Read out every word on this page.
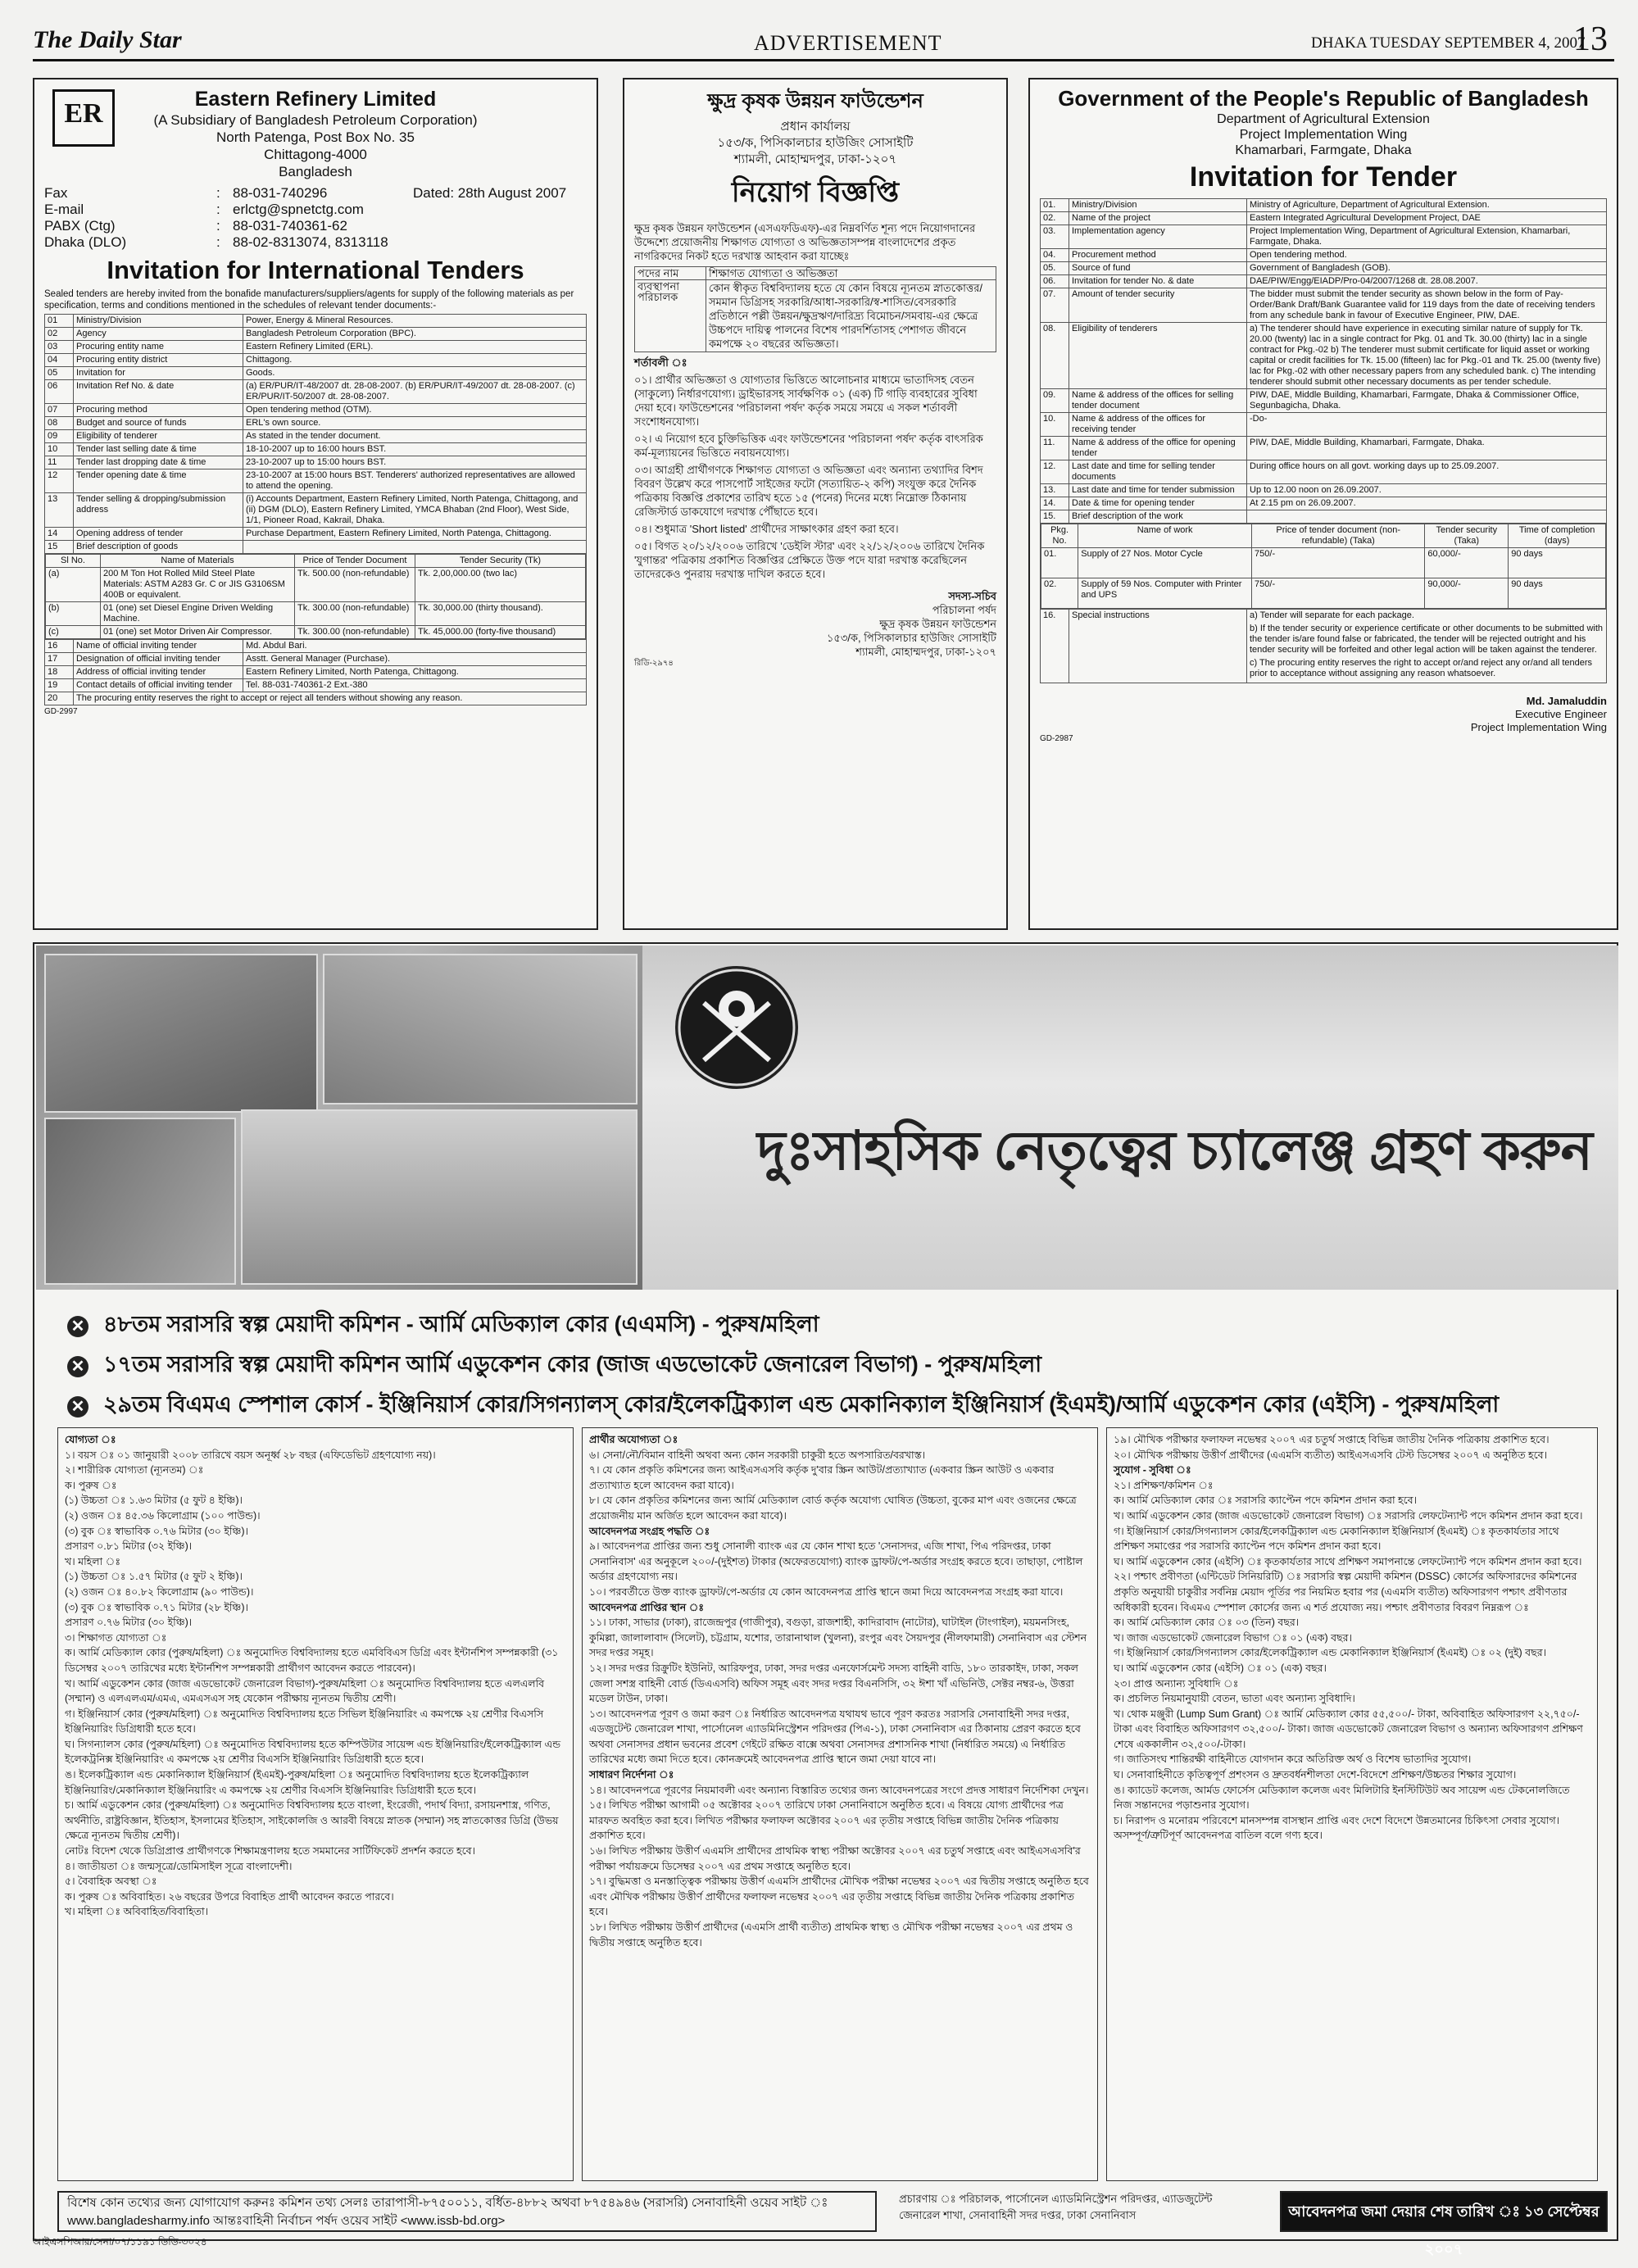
The Daily Star	ADVERTISEMENT	DHAKA TUESDAY SEPTEMBER 4, 2007
13
ER	Eastern Refinery Limited
(A Subsidiary of Bangladesh Petroleum Corporation)
North Patenga, Post Box No. 35
Chittagong-4000
Bangladesh
Fax	: 88-031-740296	Dated: 28th August 2007
E-mail	: erlctg@spnetctg.com
PABX (Ctg)	: 88-031-740361-62
Dhaka (DLO)	: 88-02-8313074, 8313118
Invitation for International Tenders
Sealed tenders are hereby invited from the bonafide manufacturers/suppliers/agents for supply of the following materials as per specification, terms and conditions mentioned in the schedules of relevant tender documents:-
01	Ministry/Division	Power, Energy & Mineral Resources.
02	Agency	Bangladesh Petroleum Corporation (BPC).
03	Procuring entity name	Eastern Refinery Limited (ERL).
04	Procuring entity district	Chittagong.
05	Invitation for	Goods.
06	Invitation Ref No. & date	(a) ER/PUR/IT-48/2007 dt. 28-08-2007. (b) ER/PUR/IT-49/2007 dt. 28-08-2007. (c) ER/PUR/IT-50/2007 dt. 28-08-2007.
07	Procuring method	Open tendering method (OTM).
08	Budget and source of funds	ERL's own source.
09	Eligibility of tenderer	As stated in the tender document.
10	Tender last selling date & time	18-10-2007 up to 16:00 hours BST.
11	Tender last dropping date & time	23-10-2007 up to 15:00 hours BST.
12	Tender opening date & time	23-10-2007 at 15:00 hours BST. Tenderers' authorized representatives are allowed to attend the opening.
13	Tender selling & dropping/submission address	(i) Accounts Department, Eastern Refinery Limited, North Patenga, Chittagong, and (ii) DGM (DLO), Eastern Refinery Limited, YMCA Bhaban (2nd Floor), West Side, 1/1, Pioneer Road, Kakrail, Dhaka.
14	Opening address of tender	Purchase Department, Eastern Refinery Limited, North Patenga, Chittagong.
15	Brief description of goods	

Sl No.	Name of Materials	Price of Tender Document	Tender Security (Tk)
(a)	200 M Ton Hot Rolled Mild Steel Plate Materials: ASTM A283 Gr. C or JIS G3106SM 400B or equivalent.	Tk. 500.00 (non-refundable)	Tk. 2,00,000.00 (two lac)
(b)	01 (one) set Diesel Engine Driven Welding Machine.	Tk. 300.00 (non-refundable)	Tk. 30,000.00 (thirty thousand).
(c)	01 (one) set Motor Driven Air Compressor.	Tk. 300.00 (non-refundable)	Tk. 45,000.00 (forty-five thousand)

16	Name of official inviting tender	Md. Abdul Bari.
17	Designation of official inviting tender	Asstt. General Manager (Purchase).
18	Address of official inviting tender	Eastern Refinery Limited, North Patenga, Chittagong.
19	Contact details of official inviting tender	Tel. 88-031-740361-2 Ext.-380
20	The procuring entity reserves the right to accept or reject all tenders without showing any reason.
GD-2997
ক্ষুদ্র কৃষক উন্নয়ন ফাউন্ডেশন
প্রধান কার্যালয়
১৫৩/ক, পিসিকালচার হাউজিং সোসাইটি
শ্যামলী, মোহাম্মদপুর, ঢাকা-১২০৭
নিয়োগ বিজ্ঞপ্তি

ক্ষুদ্র কৃষক উন্নয়ন ফাউন্ডেশন (এসএফডিএফ)-এর নিম্নবর্ণিত শূন্য পদে নিয়োগদানের উদ্দেশ্যে প্রয়োজনীয় শিক্ষাগত যোগ্যতা ও অভিজ্ঞতাসম্পন্ন বাংলাদেশের প্রকৃত নাগরিকদের নিকট হতে দরখাস্ত আহবান করা যাচ্ছেঃ

পদের নাম	শিক্ষাগত যোগ্যতা ও অভিজ্ঞতা
ব্যবস্থাপনা পরিচালক	কোন স্বীকৃত বিশ্ববিদ্যালয় হতে যে কোন বিষয়ে ন্যূনতম স্নাতকোত্তর/সমমান ডিগ্রিসহ সরকারি/আধা-সরকারি/স্ব-শাসিত/বেসরকারি প্রতিষ্ঠানে পল্লী উন্নয়ন/ক্ষুদ্রঋণ/দারিদ্র্য বিমোচন/সমবায়-এর ক্ষেত্রে উচ্চপদে দায়িত্ব পালনের বিশেষ পারদর্শিতাসহ পেশাগত জীবনে কমপক্ষে ২০ বছরের অভিজ্ঞতা।

শর্তাবলী ঃ

০১। প্রার্থীর অভিজ্ঞতা ও যোগ্যতার ভিত্তিতে আলোচনার মাধ্যমে ভাতাদিসহ বেতন (সাকুল্যে) নির্ধারণযোগ্য। ড্রাইভারসহ সার্বক্ষণিক ০১ (এক) টি গাড়ি ব্যবহারের সুবিধা দেয়া হবে। ফাউন্ডেশনের 'পরিচালনা পর্ষদ' কর্তৃক সময়ে সময়ে এ সকল শর্তাবলী সংশোধনযোগ্য।

০২। এ নিয়োগ হবে চুক্তিভিত্তিক এবং ফাউন্ডেশনের 'পরিচালনা পর্ষদ' কর্তৃক বাৎসরিক কর্ম-মূল্যায়নের ভিত্তিতে নবায়নযোগ্য।

০৩। আগ্রহী প্রার্থীগণকে শিক্ষাগত যোগ্যতা ও অভিজ্ঞতা এবং অন্যান্য তথ্যাদির বিশদ বিবরণ উল্লেখ করে পাসপোর্ট সাইজের ফটো (সত্যায়িত-২ কপি) সংযুক্ত করে দৈনিক পত্রিকায় বিজ্ঞপ্তি প্রকাশের তারিখ হতে ১৫ (পনের) দিনের মধ্যে নিম্নোক্ত ঠিকানায় রেজিস্টার্ড ডাকযোগে দরখাস্ত পৌঁছাতে হবে।

০৪। শুধুমাত্র 'Short listed' প্রার্থীদের সাক্ষাৎকার গ্রহণ করা হবে।

০৫। বিগত ২০/১২/২০০৬ তারিখে 'ডেইলি স্টার' এবং ২২/১২/২০০৬ তারিখে দৈনিক 'যুগান্তর' পত্রিকায় প্রকাশিত বিজ্ঞপ্তির প্রেক্ষিতে উক্ত পদে যারা দরখাস্ত করেছিলেন তাদেরকেও পুনরায় দরখাস্ত দাখিল করতে হবে।

সদস্য-সচিব
পরিচালনা পর্ষদ
ক্ষুদ্র কৃষক উন্নয়ন ফাউন্ডেশন
১৫৩/ক, পিসিকালচার হাউজিং সোসাইটি
শ্যামলী, মোহাম্মদপুর, ঢাকা-১২০৭
রিডি-২৯৭৪
Government of the People's Republic of Bangladesh
Department of Agricultural Extension
Project Implementation Wing
Khamarbari, Farmgate, Dhaka
Invitation for Tender
01.	Ministry/Division	Ministry of Agriculture, Department of Agricultural Extension.
02.	Name of the project	Eastern Integrated Agricultural Development Project, DAE
03.	Implementation agency	Project Implementation Wing, Department of Agricultural Extension, Khamarbari, Farmgate, Dhaka.
04.	Procurement method	Open tendering method.
05.	Source of fund	Government of Bangladesh (GOB).
06.	Invitation for tender No. & date	DAE/PIW/Engg/EIADP/Pro-04/2007/1268 dt. 28.08.2007.
07.	Amount of tender security	The bidder must submit the tender security as shown below in the form of Pay-Order/Bank Draft/Bank Guarantee valid for 119 days from the date of receiving tenders from any schedule bank in favour of Executive Engineer, PIW, DAE.
08.	Eligibility of tenderers	a) The tenderer should have experience in executing similar nature of supply for Tk. 20.00 (twenty) lac in a single contract for Pkg. 01 and Tk. 30.00 (thirty) lac in a single contract for Pkg.-02 b) The tenderer must submit certificate for liquid asset or working capital or credit facilities for Tk. 15.00 (fifteen) lac for Pkg.-01 and Tk. 25.00 (twenty five) lac for Pkg.-02 with other necessary papers from any scheduled bank. c) The intending tenderer should submit other necessary documents as per tender schedule.
09.	Name & address of the offices for selling tender document	PIW, DAE, Middle Building, Khamarbari, Farmgate, Dhaka & Commissioner Office, Segunbagicha, Dhaka.
10.	Name & address of the offices for receiving tender	-Do-
11.	Name & address of the office for opening tender	PIW, DAE, Middle Building, Khamarbari, Farmgate, Dhaka.
12.	Last date and time for selling tender documents	During office hours on all govt. working days up to 25.09.2007.
13.	Last date and time for tender submission	Up to 12.00 noon on 26.09.2007.
14.	Date & time for opening tender	At 2.15 pm on 26.09.2007.
15.	Brief description of the work	

Pkg. No.	Name of work	Price of tender document (non-refundable) (Taka)	Tender security (Taka)	Time of completion (days)
01.	Supply of 27 Nos. Motor Cycle	750/-	60,000/-	90 days
02.	Supply of 59 Nos. Computer with Printer and UPS	750/-	90,000/-	90 days

16.	Special instructions	a) Tender will separate for each package.
b) If the tender security or experience certificate or other documents to be submitted with the tender is/are found false or fabricated, the tender will be rejected outright and his tender security will be forfeited and other legal action will be taken against the tenderer.
c) The procuring entity reserves the right to accept or/and reject any or/and all tenders prior to acceptance without assigning any reason whatsoever.
Md. Jamaluddin
Executive Engineer
Project Implementation Wing
GD-2987
দুঃসাহসিক নেতৃত্বের চ্যালেঞ্জ গ্রহণ করুন
✕ ৪৮তম সরাসরি স্বল্প মেয়াদী কমিশন - আর্মি মেডিক্যাল কোর (এএমসি) - পুরুষ/মহিলা
✕ ১৭তম সরাসরি স্বল্প মেয়াদী কমিশন আর্মি এডুকেশন কোর (জাজ এডভোকেট জেনারেল বিভাগ) - পুরুষ/মহিলা
✕ ২৯তম বিএমএ স্পেশাল কোর্স - ইঞ্জিনিয়ার্স কোর/সিগন্যালস্ কোর/ইলেকট্রিক্যাল এন্ড মেকানিক্যাল ইঞ্জিনিয়ার্স (ইএমই)/আর্মি এডুকেশন কোর (এইসি) - পুরুষ/মহিলা

যোগ্যতা ঃ

১। বয়স ঃ ০১ জানুয়ারী ২০০৮ তারিখে বয়স অনূর্ধ্ব ২৮ বছর (এফিডেভিট গ্রহণযোগ্য নয়)।

২। শারীরিক যোগ্যতা (ন্যূনতম) ঃ

ক। পুরুষ ঃ

(১) উচ্চতা ঃ ১.৬৩ মিটার (৫ ফুট ৪ ইঞ্চি)।

(২) ওজন ঃ ৪৫.৩৬ কিলোগ্রাম (১০০ পাউন্ড)।

(৩) বুক ঃ স্বাভাবিক ০.৭৬ মিটার (৩০ ইঞ্চি)।

প্রসারণ ০.৮১ মিটার (৩২ ইঞ্চি)।

খ। মহিলা ঃ

(১) উচ্চতা ঃ ১.৫৭ মিটার (৫ ফুট ২ ইঞ্চি)।

(২) ওজন ঃ ৪০.৮২ কিলোগ্রাম (৯০ পাউন্ড)।

(৩) বুক ঃ স্বাভাবিক ০.৭১ মিটার (২৮ ইঞ্চি)।

প্রসারণ ০.৭৬ মিটার (৩০ ইঞ্চি)।

৩। শিক্ষাগত যোগ্যতা ঃ

ক। আর্মি মেডিক্যাল কোর (পুরুষ/মহিলা) ঃ অনুমোদিত বিশ্ববিদ্যালয় হতে এমবিবিএস ডিগ্রি এবং ইন্টার্নশিপ সম্পন্নকারী (৩১ ডিসেম্বর ২০০৭ তারিখের মধ্যে ইন্টার্নশিপ সম্পন্নকারী প্রার্থীগণ আবেদন করতে পারবেন)।

খ। আর্মি এডুকেশন কোর (জাজ এডভোকেট জেনারেল বিভাগ)-পুরুষ/মহিলা ঃ অনুমোদিত বিশ্ববিদ্যালয় হতে এলএলবি (সম্মান) ও এলএলএম/এমএ, এমএসএস সহ যেকোন পরীক্ষায় ন্যূনতম দ্বিতীয় শ্রেণী।

গ। ইঞ্জিনিয়ার্স কোর (পুরুষ/মহিলা) ঃ অনুমোদিত বিশ্ববিদ্যালয় হতে সিভিল ইঞ্জিনিয়ারিং এ কমপক্ষে ২য় শ্রেণীর বিএসসি ইঞ্জিনিয়ারিং ডিগ্রিধারী হতে হবে।

ঘ। সিগন্যালস কোর (পুরুষ/মহিলা) ঃ অনুমোদিত বিশ্ববিদ্যালয় হতে কম্পিউটার সায়েন্স এন্ড ইঞ্জিনিয়ারিং/ইলেকট্রিক্যাল এন্ড ইলেকট্রনিক্স ইঞ্জিনিয়ারিং এ কমপক্ষে ২য় শ্রেণীর বিএসসি ইঞ্জিনিয়ারিং ডিগ্রিধারী হতে হবে।

ঙ। ইলেকট্রিক্যাল এন্ড মেকানিক্যাল ইঞ্জিনিয়ার্স (ইএমই)-পুরুষ/মহিলা ঃ অনুমোদিত বিশ্ববিদ্যালয় হতে ইলেকট্রিক্যাল ইঞ্জিনিয়ারিং/মেকানিক্যাল ইঞ্জিনিয়ারিং এ কমপক্ষে ২য় শ্রেণীর বিএসসি ইঞ্জিনিয়ারিং ডিগ্রিধারী হতে হবে।

চ। আর্মি এডুকেশন কোর (পুরুষ/মহিলা) ঃ অনুমোদিত বিশ্ববিদ্যালয় হতে বাংলা, ইংরেজী, পদার্থ বিদ্যা, রসায়নশাস্ত্র, গণিত, অর্থনীতি, রাষ্ট্রবিজ্ঞান, ইতিহাস, ইসলামের ইতিহাস, সাইকোলজি ও আরবী বিষয়ে স্নাতক (সম্মান) সহ স্নাতকোত্তর ডিগ্রি (উভয় ক্ষেত্রে ন্যূনতম দ্বিতীয় শ্রেণী)।

নোটঃ বিদেশ থেকে ডিগ্রিপ্রাপ্ত প্রার্থীগণকে শিক্ষামন্ত্রণালয় হতে সমমানের সার্টিফিকেট প্রদর্শন করতে হবে।

৪। জাতীয়তা ঃ জন্মসূত্রে/ডোমিসাইল সূত্রে বাংলাদেশী।

৫। বৈবাহিক অবস্থা ঃ

ক। পুরুষ ঃ অবিবাহিত। ২৬ বছরের উপরে বিবাহিত প্রার্থী আবেদন করতে পারবে।

খ। মহিলা ঃ অবিবাহিত/বিবাহিতা।

প্রার্থীর অযোগ্যতা ঃ

৬। সেনা/নৌ/বিমান বাহিনী অথবা অন্য কোন সরকারী চাকুরী হতে অপসারিত/বরখাস্ত।

৭। যে কোন প্রকৃতি কমিশনের জন্য আইএসএসবি কর্তৃক দু'বার স্ক্রিন আউট/প্রত্যাখ্যাত (একবার স্ক্রিন আউট ও একবার প্রত্যাখ্যাত হলে আবেদন করা যাবে)।

৮। যে কোন প্রকৃতির কমিশনের জন্য আর্মি মেডিক্যাল বোর্ড কর্তৃক অযোগ্য ঘোষিত (উচ্চতা, বুকের মাপ এবং ওজনের ক্ষেত্রে প্রয়োজনীয় মান অর্জিত হলে আবেদন করা যাবে)।

আবেদনপত্র সংগ্রহ পদ্ধতি ঃ

৯। আবেদনপত্র প্রাপ্তির জন্য শুধু সোনালী ব্যাংক এর যে কোন শাখা হতে 'সেনাসদর, এজি শাখা, পিএ পরিদপ্তর, ঢাকা সেনানিবাস' এর অনুকূলে ২০০/-(দুইশত) টাকার (অফেরতযোগ্য) ব্যাংক ড্রাফট/পে-অর্ডার সংগ্রহ করতে হবে। তাছাড়া, পোষ্টাল অর্ডার গ্রহণযোগ্য নয়।

১০। পরবর্তীতে উক্ত ব্যাংক ড্রাফট/পে-অর্ডার যে কোন আবেদনপত্র প্রাপ্তি স্থানে জমা দিয়ে আবেদনপত্র সংগ্রহ করা যাবে।

আবেদনপত্র প্রাপ্তির স্থান ঃ

১১। ঢাকা, সাভার (ঢাকা), রাজেন্দ্রপুর (গাজীপুর), বগুড়া, রাজশাহী, কাদিরাবাদ (নাটোর), ঘাটাইল (টাংগাইল), ময়মনসিংহ, কুমিল্লা, জালালাবাদ (সিলেট), চট্টগ্রাম, যশোর, তারানাথাল (খুলনা), রংপুর এবং সৈয়দপুর (নীলফামারী) সেনানিবাস এর স্টেশন সদর দপ্তর সমূহ।

১২। সদর দপ্তর রিক্রুটিং ইউনিট, আরিফপুর, ঢাকা, সদর দপ্তর এনফোর্সমেন্ট সদস্য বাহিনী বাডি, ১৮০ তারকাইদ, ঢাকা, সকল জেলা সশস্ত্র বাহিনী বোর্ড (ডিএএসবি) অফিস সমূহ এবং সদর দপ্তর বিএনসিসি, ৩২ ঈশা খাঁ এভিনিউ, সেক্টর নম্বর-৬, উত্তরা মডেল টাউন, ঢাকা।

১৩। আবেদনপত্র পূরণ ও জমা করণ ঃ নির্ধারিত আবেদনপত্র যথাযথ ভাবে পূরণ করতঃ সরাসরি সেনাবাহিনী সদর দপ্তর, এডজুটেন্ট জেনারেল শাখা, পার্সোনেল এ্যাডমিনিস্ট্রেশন পরিদপ্তর (পিএ-১), ঢাকা সেনানিবাস এর ঠিকানায় প্রেরণ করতে হবে অথবা সেনাসদর প্রধান ভবনের প্রবেশ গেইটে রক্ষিত বাক্সে অথবা সেনাসদর প্রশাসনিক শাখা (নির্ধারিত সময়ে) এ নির্ধারিত তারিখের মধ্যে জমা দিতে হবে। কোনক্রমেই আবেদনপত্র প্রাপ্তি স্থানে জমা দেয়া যাবে না।

সাধারণ নির্দেশনা ঃ

১৪। আবেদনপত্রে পূরণের নিয়মাবলী এবং অন্যান্য বিস্তারিত তথ্যের জন্য আবেদনপত্রের সংগে প্রদত্ত সাধারণ নির্দেশিকা দেখুন।

১৫। লিখিত পরীক্ষা আগামী ০৫ অক্টোবর ২০০৭ তারিখে ঢাকা সেনানিবাসে অনুষ্ঠিত হবে। এ বিষয়ে যোগ্য প্রার্থীদের পত্র মারফত অবহিত করা হবে। লিখিত পরীক্ষার ফলাফল অক্টোবর ২০০৭ এর তৃতীয় সপ্তাহে বিভিন্ন জাতীয় দৈনিক পত্রিকায় প্রকাশিত হবে।

১৬। লিখিত পরীক্ষায় উত্তীর্ণ এএমসি প্রার্থীদের প্রাথমিক স্বাস্থ্য পরীক্ষা অক্টোবর ২০০৭ এর চতুর্থ সপ্তাহে এবং আইএসএসবি'র পরীক্ষা পর্যায়ক্রমে ডিসেম্বর ২০০৭ এর প্রথম সপ্তাহে অনুষ্ঠিত হবে।

১৭। বুদ্ধিমত্তা ও মনস্তাত্ত্বিক পরীক্ষায় উত্তীর্ণ এএমসি প্রার্থীদের মৌখিক পরীক্ষা নভেম্বর ২০০৭ এর দ্বিতীয় সপ্তাহে অনুষ্ঠিত হবে এবং মৌখিক পরীক্ষায় উত্তীর্ণ প্রার্থীদের ফলাফল নভেম্বর ২০০৭ এর তৃতীয় সপ্তাহে বিভিন্ন জাতীয় দৈনিক পত্রিকায় প্রকাশিত হবে।

১৮। লিখিত পরীক্ষায় উত্তীর্ণ প্রার্থীদের (এএমসি প্রার্থী ব্যতীত) প্রাথমিক স্বাস্থ্য ও মৌখিক পরীক্ষা নভেম্বর ২০০৭ এর প্রথম ও দ্বিতীয় সপ্তাহে অনুষ্ঠিত হবে।

১৯। মৌখিক পরীক্ষার ফলাফল নভেম্বর ২০০৭ এর চতুর্থ সপ্তাহে বিভিন্ন জাতীয় দৈনিক পত্রিকায় প্রকাশিত হবে।

২০। মৌখিক পরীক্ষায় উত্তীর্ণ প্রার্থীদের (এএমসি ব্যতীত) আইএসএসবি টেস্ট ডিসেম্বর ২০০৭ এ অনুষ্ঠিত হবে।

সুযোগ - সুবিধা ঃ

২১। প্রশিক্ষণ/কমিশন ঃ

ক। আর্মি মেডিক্যাল কোর ঃ সরাসরি ক্যাপ্টেন পদে কমিশন প্রদান করা হবে।

খ। আর্মি এডুকেশন কোর (জাজ এডভোকেট জেনারেল বিভাগ) ঃ সরাসরি লেফটেন্যান্ট পদে কমিশন প্রদান করা হবে।

গ। ইঞ্জিনিয়ার্স কোর/সিগন্যালস কোর/ইলেকট্রিক্যাল এন্ড মেকানিক্যাল ইঞ্জিনিয়ার্স (ইএমই) ঃ কৃতকার্যতার সাথে প্রশিক্ষণ সমাপ্তের পর সরাসরি ক্যাপ্টেন পদে কমিশন প্রদান করা হবে।

ঘ। আর্মি এডুকেশন কোর (এইসি) ঃ কৃতকার্যতার সাথে প্রশিক্ষণ সমাপনান্তে লেফটেন্যান্ট পদে কমিশন প্রদান করা হবে।

২২। পশ্চাৎ প্রবীণতা (এন্টিডেট সিনিয়রিটি) ঃ সরাসরি স্বল্প মেয়াদী কমিশন (DSSC) কোর্সের অফিসারদের কমিশনের প্রকৃতি অনুযায়ী চাকুরীর সর্বনিম্ন মেয়াদ পূর্তির পর নিয়মিত হবার পর (এএমসি ব্যতীত) অফিসারগণ পশ্চাৎ প্রবীণতার অধিকারী হবেন। বিএমএ স্পেশাল কোর্সের জন্য এ শর্ত প্রযোজ্য নয়। পশ্চাৎ প্রবীণতার বিবরণ নিম্নরূপ ঃ

ক। আর্মি মেডিক্যাল কোর ঃ ০৩ (তিন) বছর।

খ। জাজ এডভোকেট জেনারেল বিভাগ ঃ ০১ (এক) বছর।

গ। ইঞ্জিনিয়ার্স কোর/সিগন্যালস কোর/ইলেকট্রিক্যাল এন্ড মেকানিক্যাল ইঞ্জিনিয়ার্স (ইএমই) ঃ ০২ (দুই) বছর।

ঘ। আর্মি এডুকেশন কোর (এইসি) ঃ ০১ (এক) বছর।

২৩। প্রাপ্ত অন্যান্য সুবিধাদি ঃ

ক। প্রচলিত নিয়মানুযায়ী বেতন, ভাতা এবং অন্যান্য সুবিধাদি।

খ। থোক মঞ্জুরী (Lump Sum Grant) ঃ আর্মি মেডিক্যাল কোর ৫৫,৫০০/- টাকা, অবিবাহিত অফিসারগণ ২২,৭৫০/- টাকা এবং বিবাহিত অফিসারগণ ৩২,৫০০/- টাকা। জাজ এডভোকেট জেনারেল বিভাগ ও অন্যান্য অফিসারগণ প্রশিক্ষণ শেষে এককালীন ৩২,৫০০/-টাকা।

গ। জাতিসংঘ শান্তিরক্ষী বাহিনীতে যোগদান করে অতিরিক্ত অর্থ ও বিশেষ ভাতাদির সুযোগ।

ঘ। সেনাবাহিনীতে কৃতিত্বপূর্ণ প্রশংসন ও দ্রুতবর্ধনশীলতা দেশে-বিদেশে প্রশিক্ষণ/উচ্চতর শিক্ষার সুযোগ।

ঙ। ক্যাডেট কলেজ, আর্মড ফোর্সেস মেডিক্যাল কলেজ এবং মিলিটারি ইনস্টিটিউট অব সায়েন্স এন্ড টেকনোলজিতে নিজ সন্তানদের পড়াশুনার সুযোগ।

চ। নিরাপদ ও মনোরম পরিবেশে মানসম্পন্ন বাসস্থান প্রাপ্তি এবং দেশে বিদেশে উন্নতমানের চিকিৎসা সেবার সুযোগ।

অসম্পূর্ণ/ত্রুটিপূর্ণ আবেদনপত্র বাতিল বলে গণ্য হবে।

বিশেষ কোন তথ্যের জন্য যোগাযোগ করুনঃ কমিশন তথ্য সেলঃ তারাপাসী-৮৭৫০০১১, বর্ধিত-৪৮৮২ অথবা ৮৭৫৪৯৪৬ (সরাসরি) সেনাবাহিনী ওয়েব সাইট ঃ www.bangladesharmy.info আন্তঃবাহিনী নির্বাচন পর্ষদ ওয়েব সাইট <www.issb-bd.org>
প্রচারণায় ঃ পরিচালক, পার্সোনেল এ্যাডমিনিস্ট্রেশন পরিদপ্তর, এ্যাডজুটেন্ট জেনারেল শাখা, সেনাবাহিনী সদর দপ্তর, ঢাকা সেনানিবাস	আবেদনপত্র জমা দেয়ার শেষ তারিখ ঃ ১৩ সেপ্টেম্বর ২০০৭
আইএসপিআর/সেনা/০৭/১১৯১ ডিডি-৩০২৪
